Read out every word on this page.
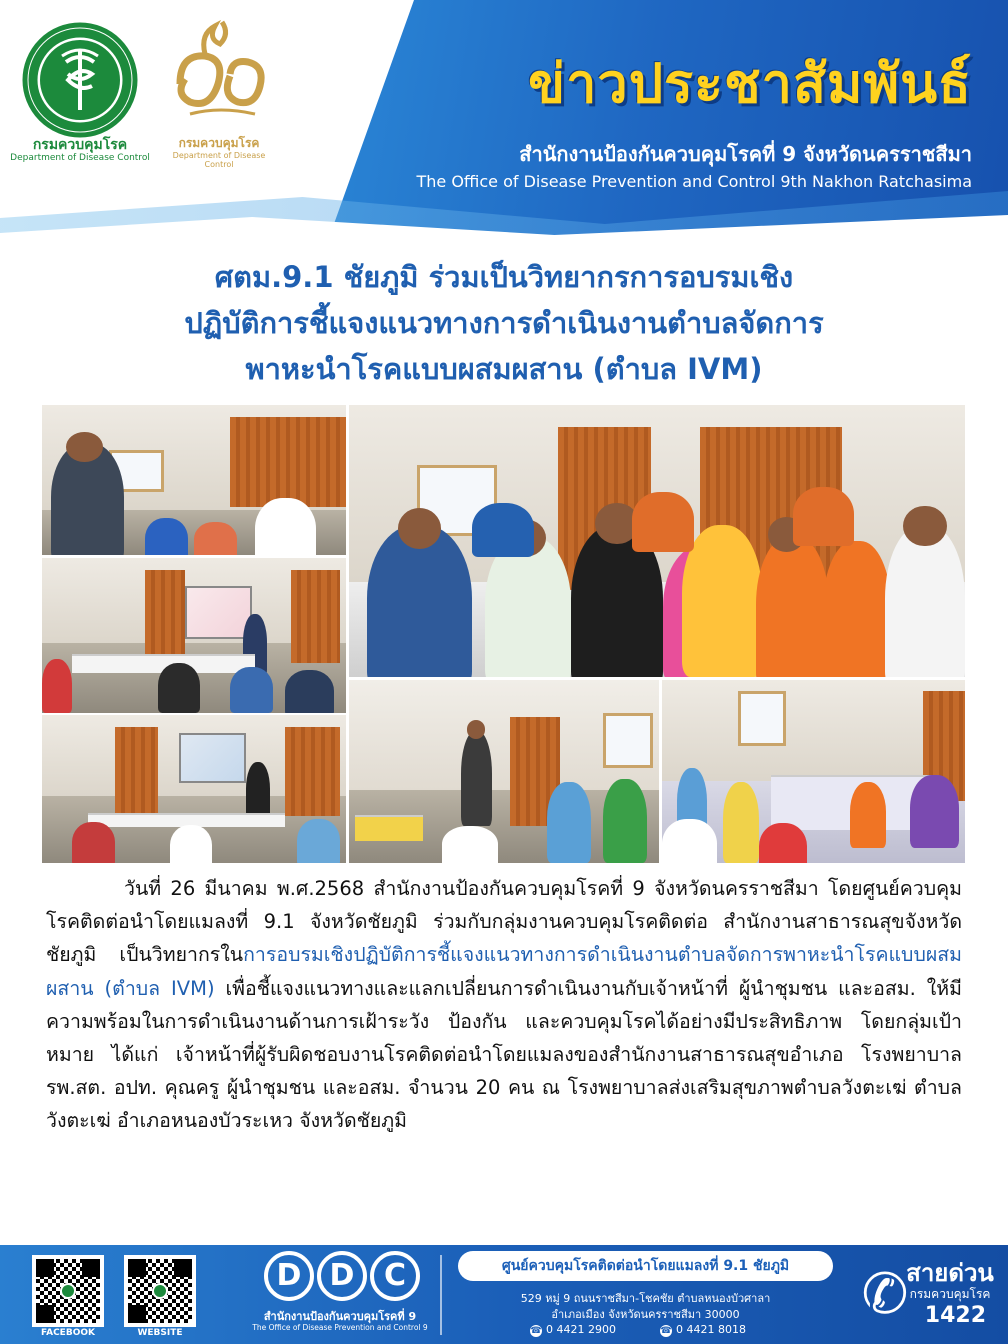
กรมควบคุมโรค
Department of Disease Control
กรมควบคุมโรค
Department of Disease Control
ข่าวประชาสัมพันธ์
สำนักงานป้องกันควบคุมโรคที่ 9 จังหวัดนครราชสีมา
The Office of Disease Prevention and Control 9th Nakhon Ratchasima
ศตม.9.1 ชัยภูมิ ร่วมเป็นวิทยากรการอบรมเชิง
ปฏิบัติการชี้แจงแนวทางการดำเนินงานตำบลจัดการ
พาหะนำโรคแบบผสมผสาน (ตำบล IVM)
วันที่ 26 มีนาคม พ.ศ.2568 สำนักงานป้องกันควบคุมโรคที่ 9 จังหวัดนครราชสีมา โดยศูนย์ควบคุมโรคติดต่อนำโดยแมลงที่ 9.1 จังหวัดชัยภูมิ ร่วมกับกลุ่มงานควบคุมโรคติดต่อ สำนักงานสาธารณสุขจังหวัดชัยภูมิ เป็นวิทยากรในการอบรมเชิงปฏิบัติการชี้แจงแนวทางการดำเนินงานตำบลจัดการพาหะนำโรคแบบผสมผสาน (ตำบล IVM) เพื่อชี้แจงแนวทางและแลกเปลี่ยนการดำเนินงานกับเจ้าหน้าที่ ผู้นำชุมชน และอสม. ให้มีความพร้อมในการดำเนินงานด้านการเฝ้าระวัง ป้องกัน และควบคุมโรคได้อย่างมีประสิทธิภาพ โดยกลุ่มเป้าหมาย ได้แก่ เจ้าหน้าที่ผู้รับผิดชอบงานโรคติดต่อนำโดยแมลงของสำนักงานสาธารณสุขอำเภอ โรงพยาบาล รพ.สต. อปท. คุณครู ผู้นำชุมชน และอสม. จำนวน 20 คน ณ โรงพยาบาลส่งเสริมสุขภาพตำบลวังตะเฆ่ ตำบลวังตะเฆ่ อำเภอหนองบัวระเหว จังหวัดชัยภูมิ
FACEBOOK	WEBSITE
D D C
สำนักงานป้องกันควบคุมโรคที่ 9
The Office of Disease Prevention and Control 9
ศูนย์ควบคุมโรคติดต่อนำโดยแมลงที่ 9.1 ชัยภูมิ
529 หมู่ 9 ถนนราชสีมา-โชคชัย ตำบลหนองบัวศาลา
อำเภอเมือง จังหวัดนครราชสีมา 30000
☎ 0 4421 2900	☎ 0 4421 8018
✆
สายด่วน
กรมควบคุมโรค
1422
